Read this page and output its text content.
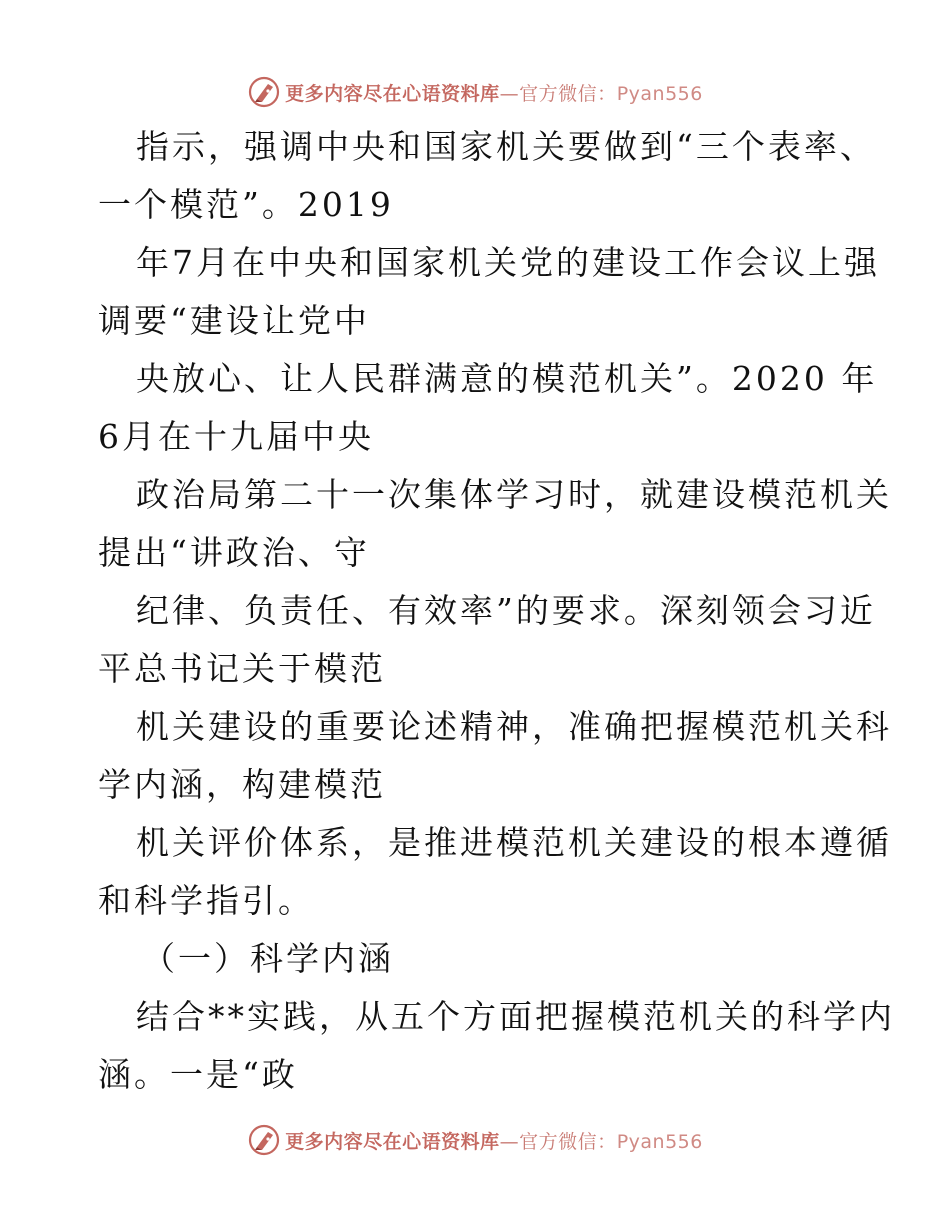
更多内容尽在心语资料库—官方微信：Pyan556
指示，强调中央和国家机关要做到“三个表率、
一个模范”。2019
年7月在中央和国家机关党的建设工作会议上强
调要“建设让党中
央放心、让人民群满意的模范机关”。2020 年
6月在十九届中央
政治局第二十一次集体学习时，就建设模范机关
提出“讲政治、守
纪律、负责任、有效率”的要求。深刻领会习近
平总书记关于模范
机关建设的重要论述精神，准确把握模范机关科
学内涵，构建模范
机关评价体系，是推进模范机关建设的根本遵循
和科学指引。
（一）科学内涵
结合**实践，从五个方面把握模范机关的科学内
涵。一是“政
更多内容尽在心语资料库—官方微信：Pyan556
